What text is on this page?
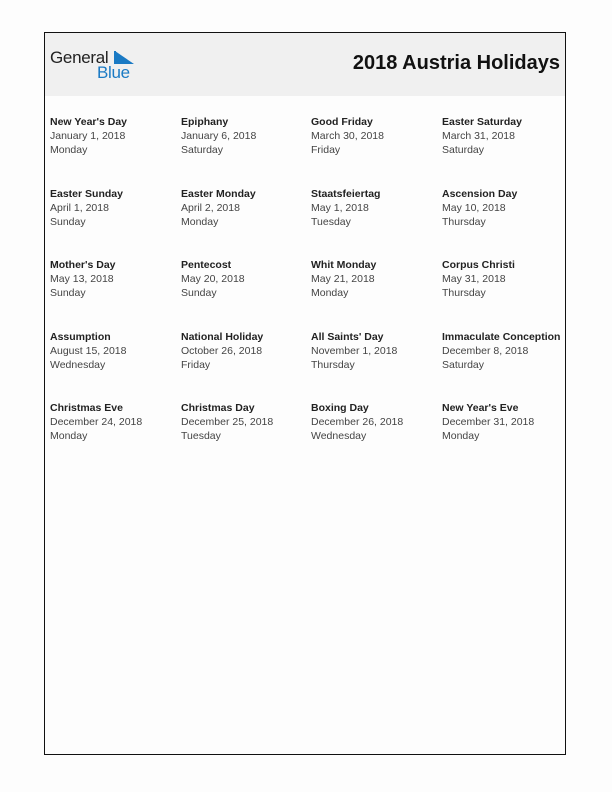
General
Blue	2018 Austria Holidays
New Year's Day
January 1, 2018
Monday
Epiphany
January 6, 2018
Saturday
Good Friday
March 30, 2018
Friday
Easter Saturday
March 31, 2018
Saturday
Easter Sunday
April 1, 2018
Sunday
Easter Monday
April 2, 2018
Monday
Staatsfeiertag
May 1, 2018
Tuesday
Ascension Day
May 10, 2018
Thursday
Mother's Day
May 13, 2018
Sunday
Pentecost
May 20, 2018
Sunday
Whit Monday
May 21, 2018
Monday
Corpus Christi
May 31, 2018
Thursday
Assumption
August 15, 2018
Wednesday
National Holiday
October 26, 2018
Friday
All Saints' Day
November 1, 2018
Thursday
Immaculate Conception
December 8, 2018
Saturday
Christmas Eve
December 24, 2018
Monday
Christmas Day
December 25, 2018
Tuesday
Boxing Day
December 26, 2018
Wednesday
New Year's Eve
December 31, 2018
Monday
